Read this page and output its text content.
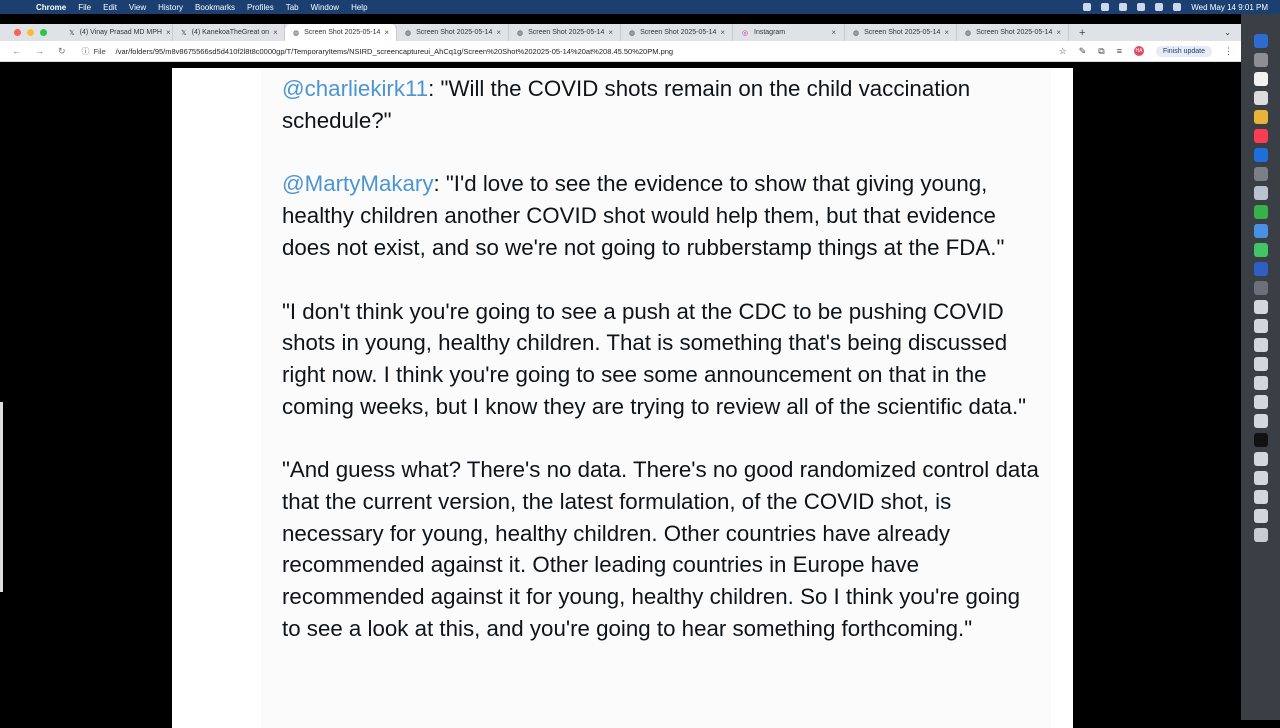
Chrome File Edit View History Bookmarks Profiles Tab Window Help	Wed May 14 9:01 PM
𝕏 (4) Vinay Prasad MD MPH × 𝕏 (4) KanekoaTheGreat on × ◍ Screen Shot 2025-05-14 × ◍ Screen Shot 2025-05-14 × ◍ Screen Shot 2025-05-14 × ◍ Screen Shot 2025-05-14 × ◎ Instagram	× ◍ Screen Shot 2025-05-14 × ◍ Screen Shot 2025-05-14 × +	⌄
← → ↻ ⓘ File /var/folders/95/m8v8675566sd5d410f2l8t8c0000gp/T/TemporaryItems/NSIRD_screencaptureui_AhCq1g/Screen%20Shot%202025-05-14%20at%208.45.50%20PM.png	☆ ✎ ⧉ ≡	HA	Finish update	⋮

@charliekirk11: "Will the COVID shots remain on the child vaccination schedule?"

@MartyMakary: "I'd love to see the evidence to show that giving young, healthy children another COVID shot would help them, but that evidence does not exist, and so we're not going to rubberstamp things at the FDA."

"I don't think you're going to see a push at the CDC to be pushing COVID shots in young, healthy children. That is something that's being discussed right now. I think you're going to see some announcement on that in the coming weeks, but I know they are trying to review all of the scientific data."

"And guess what? There's no data. There's no good randomized control data that the current version, the latest formulation, of the COVID shot, is necessary for young, healthy children. Other countries have already recommended against it. Other leading countries in Europe have recommended against it for young, healthy children. So I think you're going to see a look at this, and you're going to hear something forthcoming."
